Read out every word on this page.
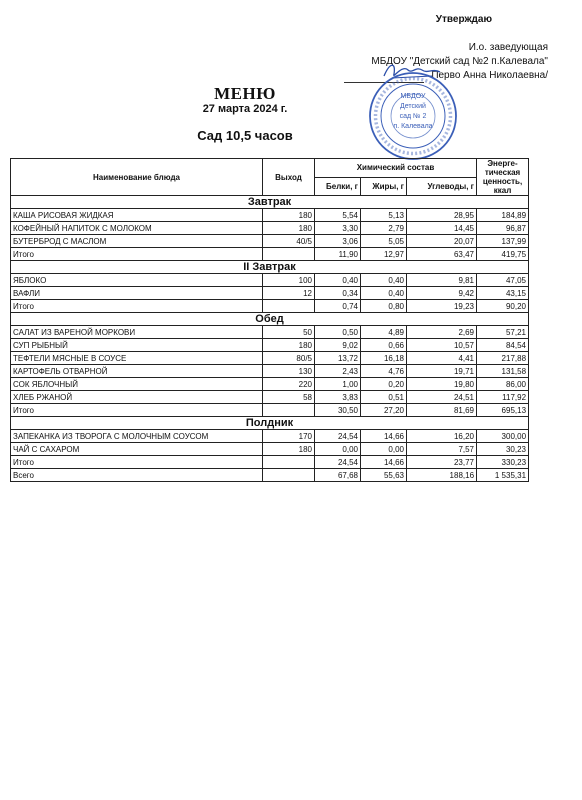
Утверждаю
И.о. заведующая
МБДОУ "Детский сад №2 п.Калевала"
Перво Анна Николаевна/
МБДОУ
Детский
сад № 2
п. Калевала
МЕНЮ
27 марта 2024 г.
Сад 10,5 часов
Наименование блюда	Выход	Химический состав			Энерге-тическая ценность, ккал
		Белки, г	Жиры, г	Углеводы, г	
Завтрак					
КАША РИСОВАЯ ЖИДКАЯ	180	5,54	5,13	28,95	184,89
КОФЕЙНЫЙ НАПИТОК С МОЛОКОМ	180	3,30	2,79	14,45	96,87
БУТЕРБРОД С МАСЛОМ	40/5	3,06	5,05	20,07	137,99
Итого		11,90	12,97	63,47	419,75
II Завтрак					
ЯБЛОКО	100	0,40	0,40	9,81	47,05
ВАФЛИ	12	0,34	0,40	9,42	43,15
Итого		0,74	0,80	19,23	90,20
Обед					
САЛАТ ИЗ ВАРЕНОЙ МОРКОВИ	50	0,50	4,89	2,69	57,21
СУП РЫБНЫЙ	180	9,02	0,66	10,57	84,54
ТЕФТЕЛИ МЯСНЫЕ В СОУСЕ	80/5	13,72	16,18	4,41	217,88
КАРТОФЕЛЬ ОТВАРНОЙ	130	2,43	4,76	19,71	131,58
СОК ЯБЛОЧНЫЙ	220	1,00	0,20	19,80	86,00
ХЛЕБ РЖАНОЙ	58	3,83	0,51	24,51	117,92
Итого		30,50	27,20	81,69	695,13
Полдник					
ЗАПЕКАНКА ИЗ ТВОРОГА С МОЛОЧНЫМ СОУСОМ	170	24,54	14,66	16,20	300,00
ЧАЙ С САХАРОМ	180	0,00	0,00	7,57	30,23
Итого		24,54	14,66	23,77	330,23
Всего		67,68	55,63	188,16	1 535,31
